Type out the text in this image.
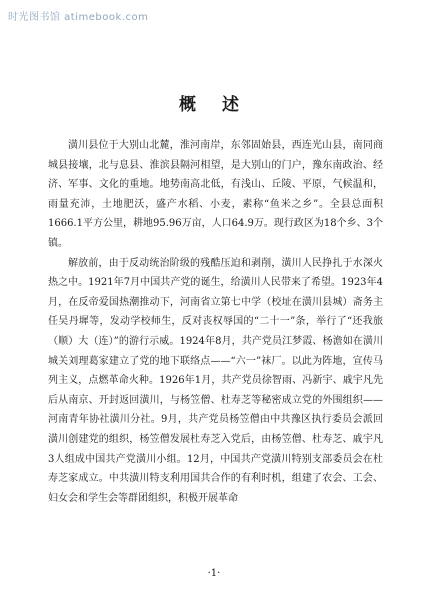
时光图书馆 atimebook.com
概 述

潢川县位于大别山北麓，淮河南岸，东邻固始县，西连光山县，南同商城县接壤，北与息县、淮滨县隔河相望，是大别山的门户，豫东南政治、经济、军事、文化的重地。地势南高北低，有浅山、丘陵、平原，气候温和，雨量充沛，土地肥沃，盛产水稻、小麦，素称“鱼米之乡”。全县总面积1666.1平方公里，耕地95.96万亩，人口64.9万。现行政区为18个乡、3个镇。

解放前，由于反动统治阶级的残酷压迫和剥削，潢川人民挣扎于水深火热之中。1921年7月中国共产党的诞生，给潢川人民带来了希望。1923年4月，在反帝爱国热潮推动下，河南省立第七中学（校址在潢川县城）斋务主任吴丹墀等，发动学校师生，反对丧权辱国的“二十一”条，举行了“还我旅（顺）大（连）”的游行示威。1924年8月，共产党员江梦霞、杨澹如在潢川城关刘理葛家建立了党的地下联络点——“六一”袜厂。以此为阵地，宣传马列主义，点燃革命火种。1926年1月，共产党员徐智雨、冯新宇、戚宇凡先后从南京、开封返回潢川，与杨笠僧、杜寿芝等秘密成立党的外围组织——河南青年协社潢川分社。9月，共产党员杨笠僧由中共豫区执行委员会派回潢川创建党的组织，杨笠僧发展杜寿芝入党后，由杨笠僧、杜寿芝、戚宇凡3人组成中国共产党潢川小组。12月，中国共产党潢川特别支部委员会在杜寿芝家成立。中共潢川特支利用国共合作的有利时机，组建了农会、工会、妇女会和学生会等群团组织，积极开展革命

·1·
